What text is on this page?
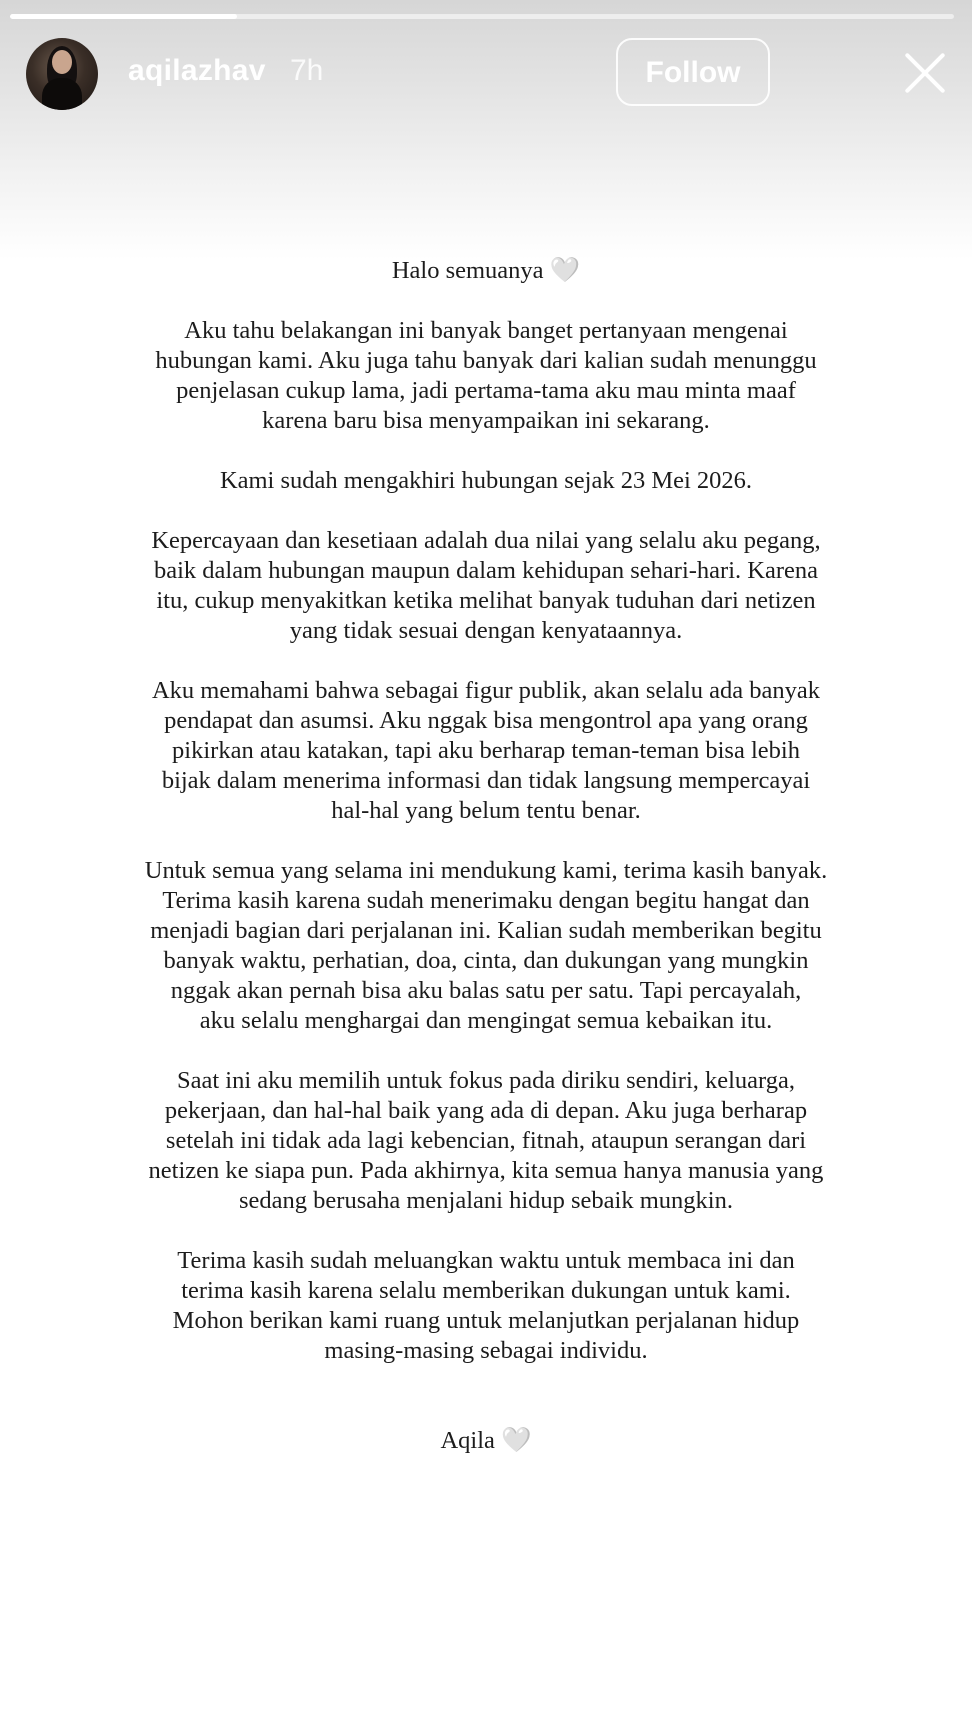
aqilazhav 7h	Follow

Halo semuanya 🤍

Aku tahu belakangan ini banyak banget pertanyaan mengenai
hubungan kami. Aku juga tahu banyak dari kalian sudah menunggu
penjelasan cukup lama, jadi pertama-tama aku mau minta maaf
karena baru bisa menyampaikan ini sekarang.

Kami sudah mengakhiri hubungan sejak 23 Mei 2026.

Kepercayaan dan kesetiaan adalah dua nilai yang selalu aku pegang,
baik dalam hubungan maupun dalam kehidupan sehari-hari. Karena
itu, cukup menyakitkan ketika melihat banyak tuduhan dari netizen
yang tidak sesuai dengan kenyataannya.

Aku memahami bahwa sebagai figur publik, akan selalu ada banyak
pendapat dan asumsi. Aku nggak bisa mengontrol apa yang orang
pikirkan atau katakan, tapi aku berharap teman-teman bisa lebih
bijak dalam menerima informasi dan tidak langsung mempercayai
hal-hal yang belum tentu benar.

Untuk semua yang selama ini mendukung kami, terima kasih banyak.
Terima kasih karena sudah menerimaku dengan begitu hangat dan
menjadi bagian dari perjalanan ini. Kalian sudah memberikan begitu
banyak waktu, perhatian, doa, cinta, dan dukungan yang mungkin
nggak akan pernah bisa aku balas satu per satu. Tapi percayalah,
aku selalu menghargai dan mengingat semua kebaikan itu.

Saat ini aku memilih untuk fokus pada diriku sendiri, keluarga,
pekerjaan, dan hal-hal baik yang ada di depan. Aku juga berharap
setelah ini tidak ada lagi kebencian, fitnah, ataupun serangan dari
netizen ke siapa pun. Pada akhirnya, kita semua hanya manusia yang
sedang berusaha menjalani hidup sebaik mungkin.

Terima kasih sudah meluangkan waktu untuk membaca ini dan
terima kasih karena selalu memberikan dukungan untuk kami.
Mohon berikan kami ruang untuk melanjutkan perjalanan hidup
masing-masing sebagai individu.

Aqila 🤍
